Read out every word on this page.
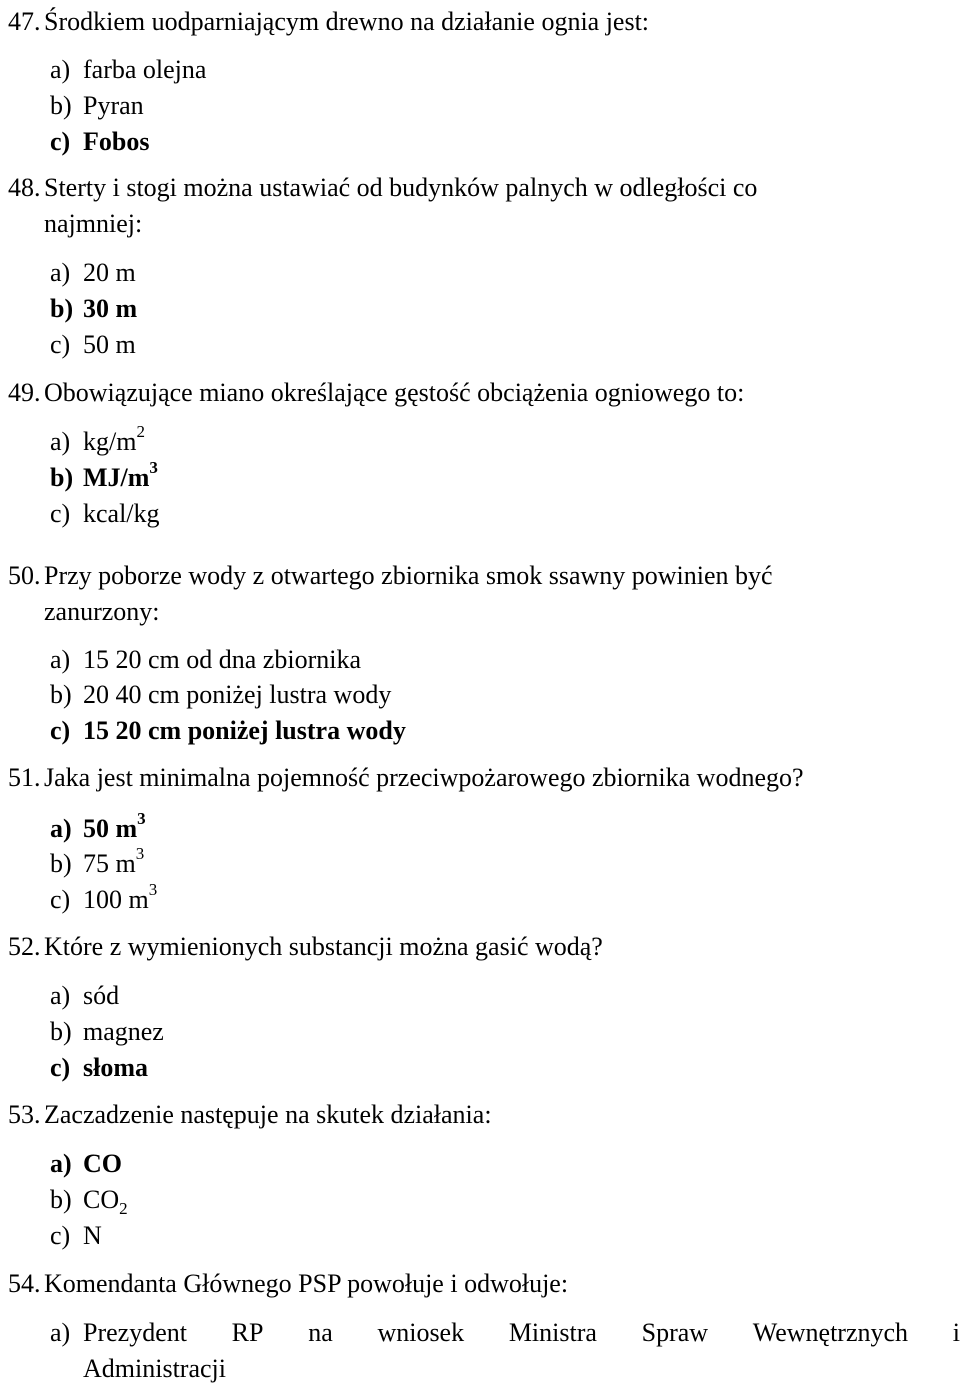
47. Środkiem uodparniającym drewno na działanie ognia jest:
a) farba olejna
b) Pyran
c) Fobos
48. Sterty i stogi można ustawiać od budynków palnych w odległości co
najmniej:
a) 20 m
b) 30 m
c) 50 m
49. Obowiązujące miano określające gęstość obciążenia ogniowego to:
a) $kg/m^2$
b) $MJ/m^3$
c) kcal/kg
50. Przy poborze wody z otwartego zbiornika smok ssawny powinien być
zanurzony:
a) 15 20 cm od dna zbiornika
b) 20 40 cm poniżej lustra wody
c) 15 20 cm poniżej lustra wody
51. Jaka jest minimalna pojemność przeciwpożarowego zbiornika wodnego?
a) 50 $m^3$
b) 75 $m^3$
c) 100 $m^3$
52. Które z wymienionych substancji można gasić wodą?
a) sód
b) magnez
c) słoma
53. Zaczadzenie następuje na skutek działania:
a) CO
b) $CO_2$
c) N
54. Komendanta Głównego PSP powołuje i odwołuje:
a) Prezydent RP na wniosek Ministra Spraw Wewnętrznych i
Administracji
